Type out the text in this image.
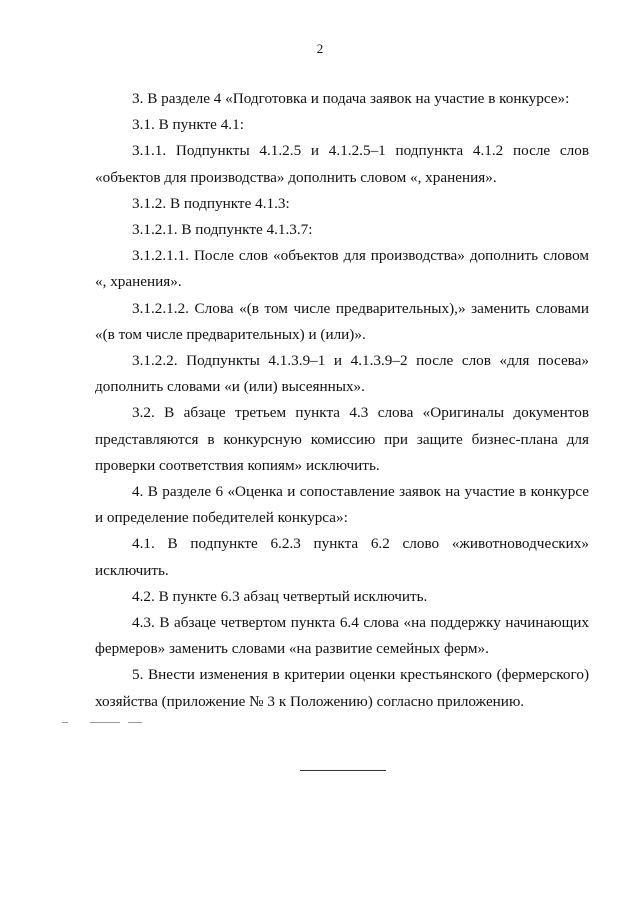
2

3. В разделе 4 «Подготовка и подача заявок на участие в конкурсе»:

3.1. В пункте 4.1:

3.1.1. Подпункты 4.1.2.5 и 4.1.2.5–1 подпункта 4.1.2 после слов «объектов для производства» дополнить словом «, хранения».

3.1.2. В подпункте 4.1.3:

3.1.2.1. В подпункте 4.1.3.7:

3.1.2.1.1. После слов «объектов для производства» дополнить словом «, хранения».

3.1.2.1.2. Слова «(в том числе предварительных),» заменить словами «(в том числе предварительных) и (или)».

3.1.2.2. Подпункты 4.1.3.9–1 и 4.1.3.9–2 после слов «для посева» дополнить словами «и (или) высеянных».

3.2. В абзаце третьем пункта 4.3 слова «Оригиналы документов представляются в конкурсную комиссию при защите бизнес-плана для проверки соответствия копиям» исключить.

4. В разделе 6 «Оценка и сопоставление заявок на участие в конкурсе и определение победителей конкурса»:

4.1. В подпункте 6.2.3 пункта 6.2 слово «животноводческих» исключить.

4.2. В пункте 6.3 абзац четвертый исключить.

4.3. В абзаце четвертом пункта 6.4 слова «на поддержку начинающих фермеров» заменить словами «на развитие семейных ферм».

5. Внести изменения в критерии оценки крестьянского (фермерского) хозяйства (приложение № 3 к Положению) согласно приложению.
